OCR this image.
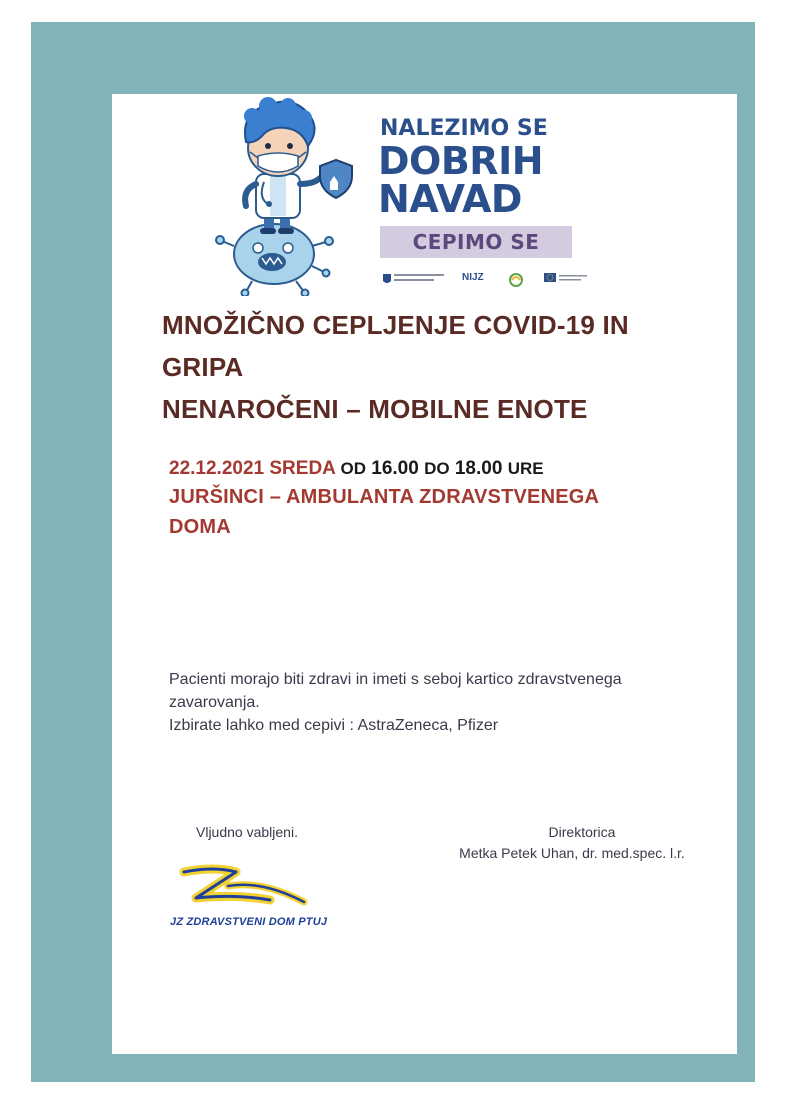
NALEZIMO SE
DOBRIH
NAVAD
CEPIMO SE
NIJZ
MNOŽIČNO CEPLJENJE COVID-19 IN
GRIPA
NENAROČENI – MOBILNE ENOTE
22.12.2021 SREDA OD 16.00 DO 18.00 URE
JURŠINCI – AMBULANTA ZDRAVSTVENEGA
DOMA

Pacienti morajo biti zdravi in imeti s seboj kartico zdravstvenega

zavarovanja.

Izbirate lahko med cepivi : AstraZeneca, Pfizer

Vljudno vabljeni.	Direktorica
Metka Petek Uhan, dr. med.spec. l.r.
JZ ZDRAVSTVENI DOM PTUJ
